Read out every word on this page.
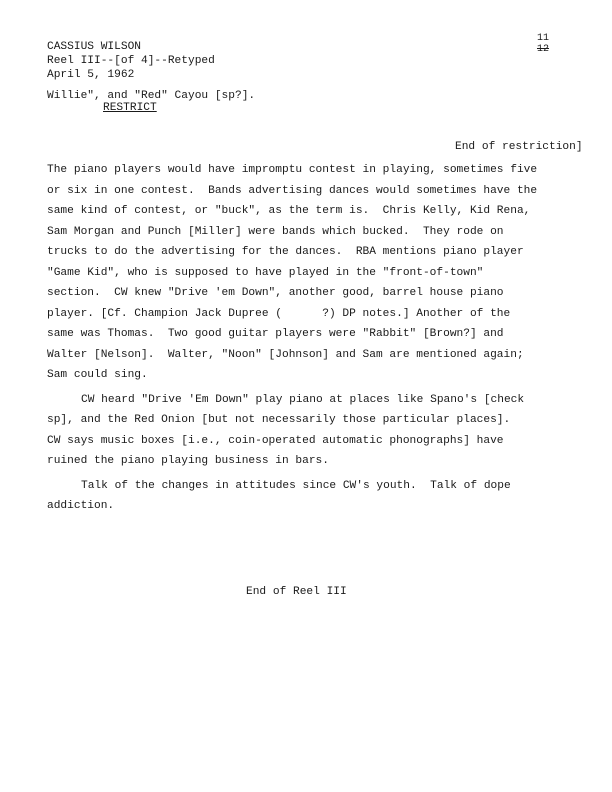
CASSIUS WILSON
Reel III--[of 4]--Retyped
April 5, 1962
11
12
Willie", and "Red" Cayou [sp?].
RESTRICT
End of restriction]

The piano players would have impromptu contest in playing, sometimes five
or six in one contest.  Bands advertising dances would sometimes have the
same kind of contest, or "buck", as the term is.  Chris Kelly, Kid Rena,
Sam Morgan and Punch [Miller] were bands which bucked.  They rode on
trucks to do the advertising for the dances.  RBA mentions piano player
"Game Kid", who is supposed to have played in the "front-of-town"
section.  CW knew "Drive 'em Down", another good, barrel house piano
player. [Cf. Champion Jack Dupree (      ?) DP notes.] Another of the
same was Thomas.  Two good guitar players were "Rabbit" [Brown?] and
Walter [Nelson].  Walter, "Noon" [Johnson] and Sam are mentioned again;
Sam could sing.

CW heard "Drive 'Em Down" play piano at places like Spano's [check
sp], and the Red Onion [but not necessarily those particular places].
CW says music boxes [i.e., coin-operated automatic phonographs] have
ruined the piano playing business in bars.

Talk of the changes in attitudes since CW's youth.  Talk of dope
addiction.

End of Reel III
